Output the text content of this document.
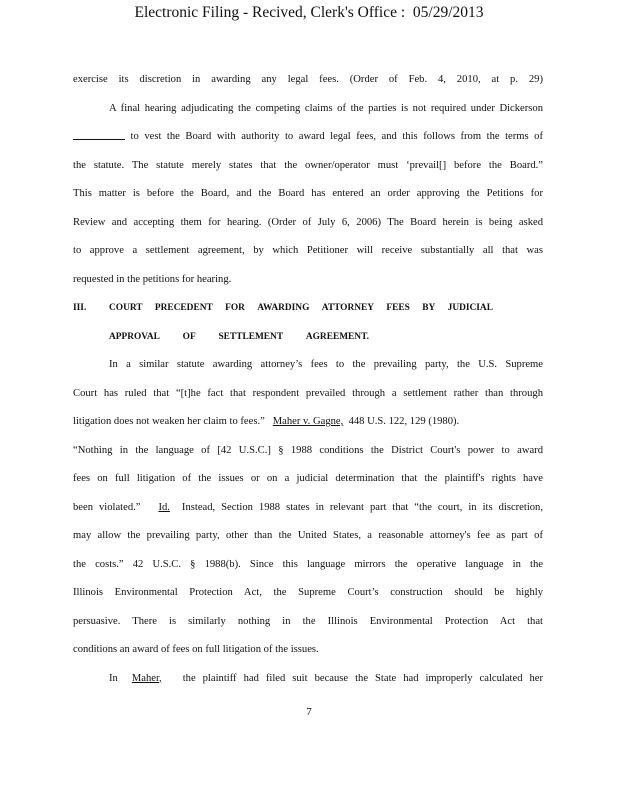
Electronic Filing - Recived, Clerk's Office :  05/29/2013
exercise its discretion in awarding any legal fees. (Order of Feb. 4, 2010, at p. 29)
A final hearing adjudicating the competing claims of the parties is not required under Dickerson
to vest the Board with authority to award legal fees, and this follows from the terms of
the statute. The statute merely states that the owner/operator must ‘prevail[] before the Board.”
This matter is before the Board, and the Board has entered an order approving the Petitions for
Review and accepting them for hearing. (Order of July 6, 2006) The Board herein is being asked
to approve a settlement agreement, by which Petitioner will receive substantially all that was
requested in the petitions for hearing.
III.	COURT PRECEDENT FOR AWARDING ATTORNEY FEES BY JUDICIAL
APPROVAL OF SETTLEMENT AGREEMENT.
In a similar statute awarding attorney’s fees to the prevailing party, the U.S. Supreme
Court has ruled that “[t]he fact that respondent prevailed through a settlement rather than through
litigation does not weaken her claim to fees.” Maher v. Gagne, 448 U.S. 122, 129 (1980).
“Nothing in the language of [42 U.S.C.] § 1988 conditions the District Court's power to award
fees on full litigation of the issues or on a judicial determination that the plaintiff's rights have
been violated.” Id. Instead, Section 1988 states in relevant part that “the court, in its discretion,
may allow the prevailing party, other than the United States, a reasonable attorney's fee as part of
the costs.” 42 U.S.C. § 1988(b). Since this language mirrors the operative language in the
Illinois Environmental Protection Act, the Supreme Court’s construction should be highly
persuasive. There is similarly nothing in the Illinois Environmental Protection Act that
conditions an award of fees on full litigation of the issues.
In Maher, the plaintiff had filed suit because the State had improperly calculated her
7
